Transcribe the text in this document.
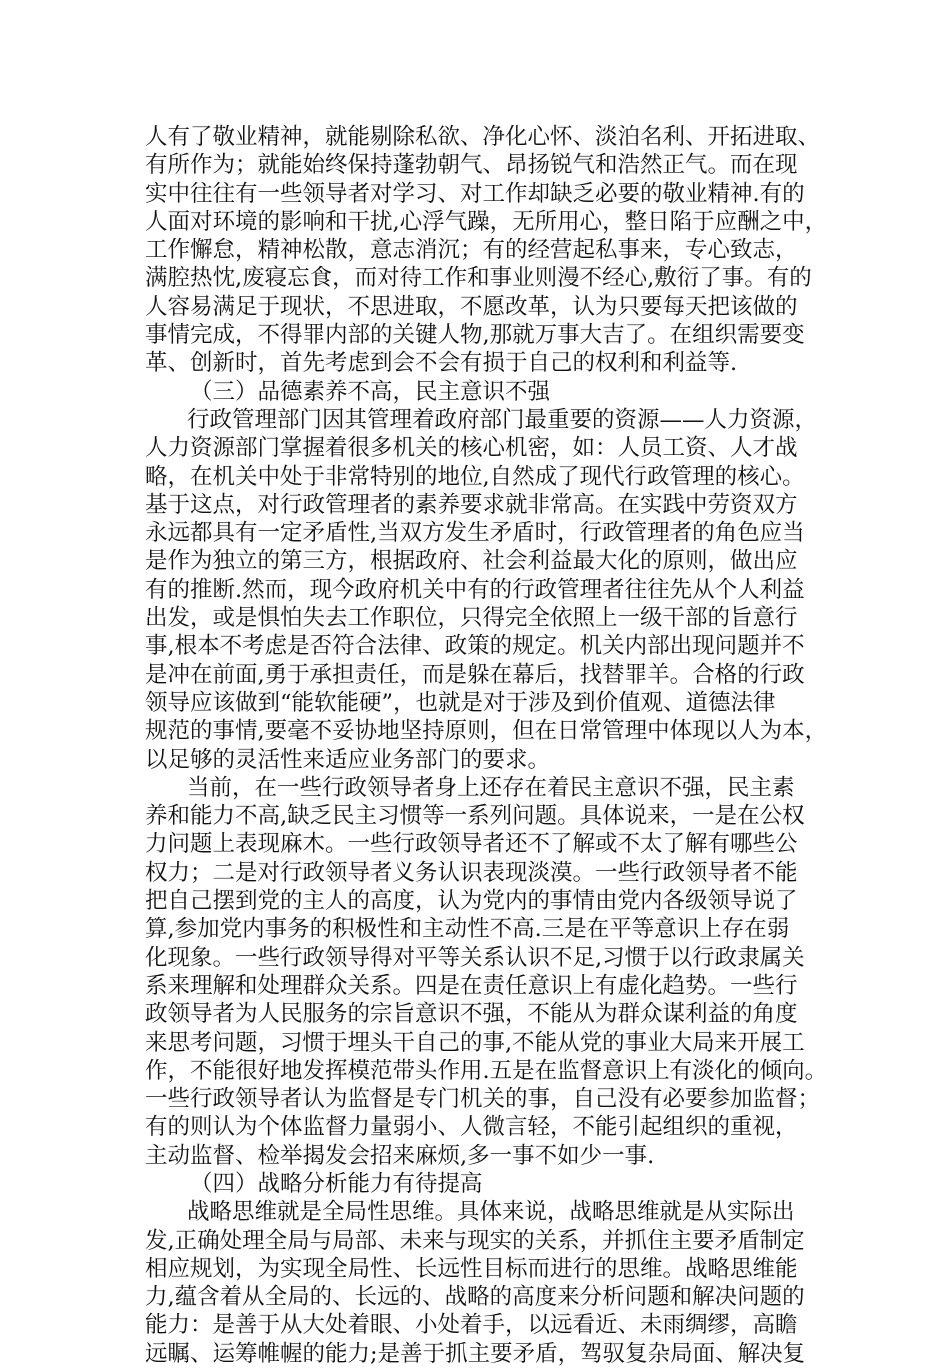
人有了敬业精神，就能剔除私欲、净化心怀、淡泊名利、开拓进取、
有所作为；就能始终保持蓬勃朝气、昂扬锐气和浩然正气。而在现
实中往往有一些领导者对学习、对工作却缺乏必要的敬业精神.有的
人面对环境的影响和干扰,心浮气躁，无所用心，整日陷于应酬之中，
工作懈怠，精神松散，意志消沉；有的经营起私事来，专心致志，
满腔热忱,废寝忘食，而对待工作和事业则漫不经心,敷衍了事。有的
人容易满足于现状，不思进取，不愿改革，认为只要每天把该做的
事情完成，不得罪内部的关键人物,那就万事大吉了。在组织需要变
革、创新时，首先考虑到会不会有损于自己的权利和利益等.
（三）品德素养不高，民主意识不强
行政管理部门因其管理着政府部门最重要的资源——人力资源，
人力资源部门掌握着很多机关的核心机密，如：人员工资、人才战
略，在机关中处于非常特别的地位,自然成了现代行政管理的核心。
基于这点，对行政管理者的素养要求就非常高。在实践中劳资双方
永远都具有一定矛盾性,当双方发生矛盾时，行政管理者的角色应当
是作为独立的第三方，根据政府、社会利益最大化的原则，做出应
有的推断.然而，现今政府机关中有的行政管理者往往先从个人利益
出发，或是惧怕失去工作职位，只得完全依照上一级干部的旨意行
事,根本不考虑是否符合法律、政策的规定。机关内部出现问题并不
是冲在前面,勇于承担责任，而是躲在幕后，找替罪羊。合格的行政
领导应该做到“能软能硬”，也就是对于涉及到价值观、道德法律
规范的事情,要毫不妥协地坚持原则，但在日常管理中体现以人为本，
以足够的灵活性来适应业务部门的要求。
当前，在一些行政领导者身上还存在着民主意识不强，民主素
养和能力不高,缺乏民主习惯等一系列问题。具体说来，一是在公权
力问题上表现麻木。一些行政领导者还不了解或不太了解有哪些公
权力；二是对行政领导者义务认识表现淡漠。一些行政领导者不能
把自己摆到党的主人的高度，认为党内的事情由党内各级领导说了
算,参加党内事务的积极性和主动性不高.三是在平等意识上存在弱
化现象。一些行政领导得对平等关系认识不足,习惯于以行政隶属关
系来理解和处理群众关系。四是在责任意识上有虚化趋势。一些行
政领导者为人民服务的宗旨意识不强，不能从为群众谋利益的角度
来思考问题，习惯于埋头干自己的事,不能从党的事业大局来开展工
作，不能很好地发挥模范带头作用.五是在监督意识上有淡化的倾向。
一些行政领导者认为监督是专门机关的事，自己没有必要参加监督；
有的则认为个体监督力量弱小、人微言轻，不能引起组织的重视，
主动监督、检举揭发会招来麻烦,多一事不如少一事.
（四）战略分析能力有待提高
战略思维就是全局性思维。具体来说，战略思维就是从实际出
发,正确处理全局与局部、未来与现实的关系，并抓住主要矛盾制定
相应规划，为实现全局性、长远性目标而进行的思维。战略思维能
力,蕴含着从全局的、长远的、战略的高度来分析问题和解决问题的
能力：是善于从大处着眼、小处着手，以远看近、未雨绸缪，高瞻
远瞩、运筹帷幄的能力;是善于抓主要矛盾，驾驭复杂局面、解决复
